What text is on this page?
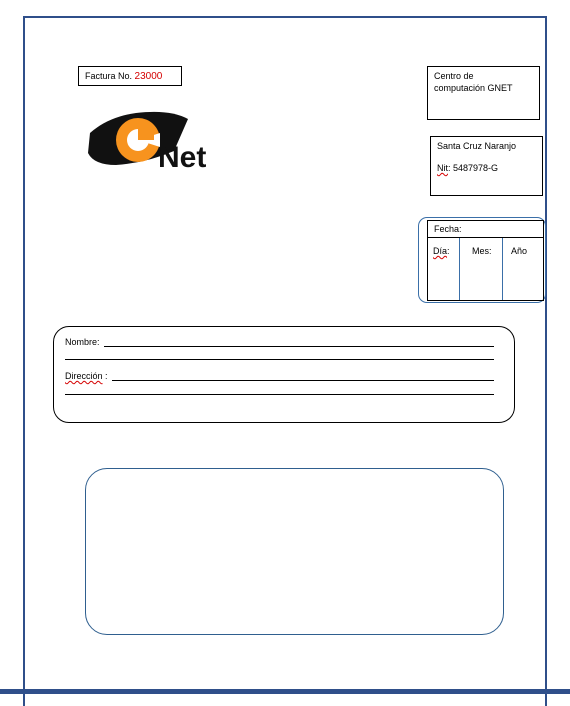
Factura No. 23000
Net
Centro de
computación GNET
Santa Cruz Naranjo
Nit: 5487978-G
Fecha:
Día: Mes: Año
Nombre:
Dirección :
